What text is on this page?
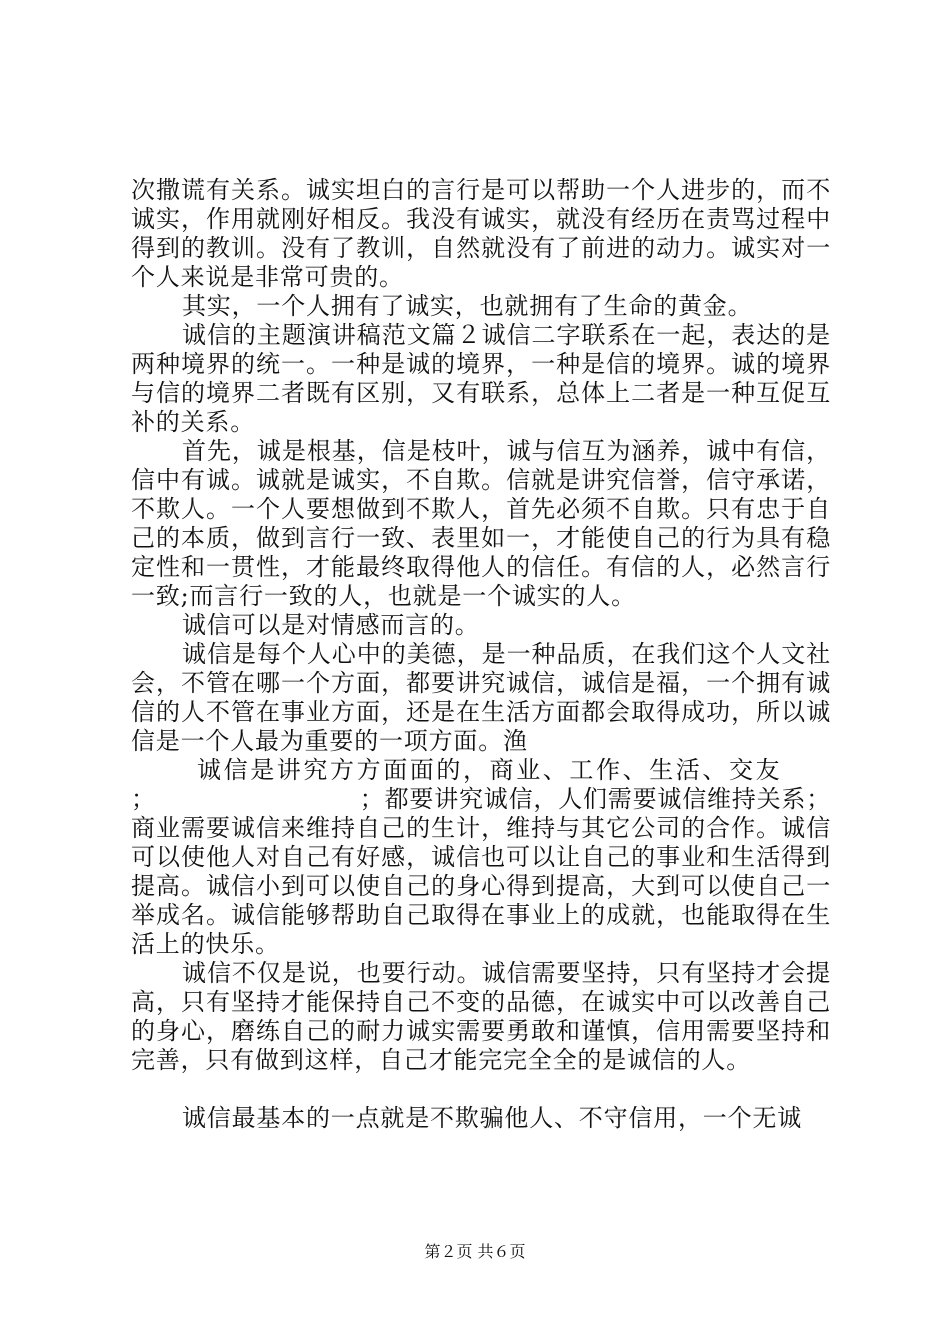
次撒谎有关系。诚实坦白的言行是可以帮助一个人进步的，而不诚实，作用就刚好相反。我没有诚实，就没有经历在责骂过程中得到的教训。没有了教训，自然就没有了前进的动力。诚实对一个人来说是非常可贵的。

其实，一个人拥有了诚实，也就拥有了生命的黄金。

诚信的主题演讲稿范文篇２诚信二字联系在一起，表达的是两种境界的统一。一种是诚的境界，一种是信的境界。诚的境界与信的境界二者既有区别，又有联系，总体上二者是一种互促互补的关系。

首先，诚是根基，信是枝叶，诚与信互为涵养，诚中有信，信中有诚。诚就是诚实，不自欺。信就是讲究信誉，信守承诺，不欺人。一个人要想做到不欺人，首先必须不自欺。只有忠于自己的本质，做到言行一致、表里如一，才能使自己的行为具有稳定性和一贯性，才能最终取得他人的信任。有信的人，必然言行一致;而言行一致的人，也就是一个诚实的人。

诚信可以是对情感而言的。

诚信是每个人心中的美德，是一种品质，在我们这个人文社会，不管在哪一个方面，都要讲究诚信，诚信是福，一个拥有诚信的人不管在事业方面，还是在生活方面都会取得成功，所以诚信是一个人最为重要的一项方面。渔

诚信是讲究方方面面的，商业、工作、生活、交友

；	；都要讲究诚信，人们需要诚信维持关系；

商业需要诚信来维持自己的生计，维持与其它公司的合作。诚信可以使他人对自己有好感，诚信也可以让自己的事业和生活得到提高。诚信小到可以使自己的身心得到提高，大到可以使自己一举成名。诚信能够帮助自己取得在事业上的成就，也能取得在生活上的快乐。

诚信不仅是说，也要行动。诚信需要坚持，只有坚持才会提高，只有坚持才能保持自己不变的品德，在诚实中可以改善自己的身心，磨练自己的耐力诚实需要勇敢和谨慎，信用需要坚持和完善，只有做到这样，自己才能完完全全的是诚信的人。

诚信最基本的一点就是不欺骗他人、不守信用，一个无诚

第２页 共６页
